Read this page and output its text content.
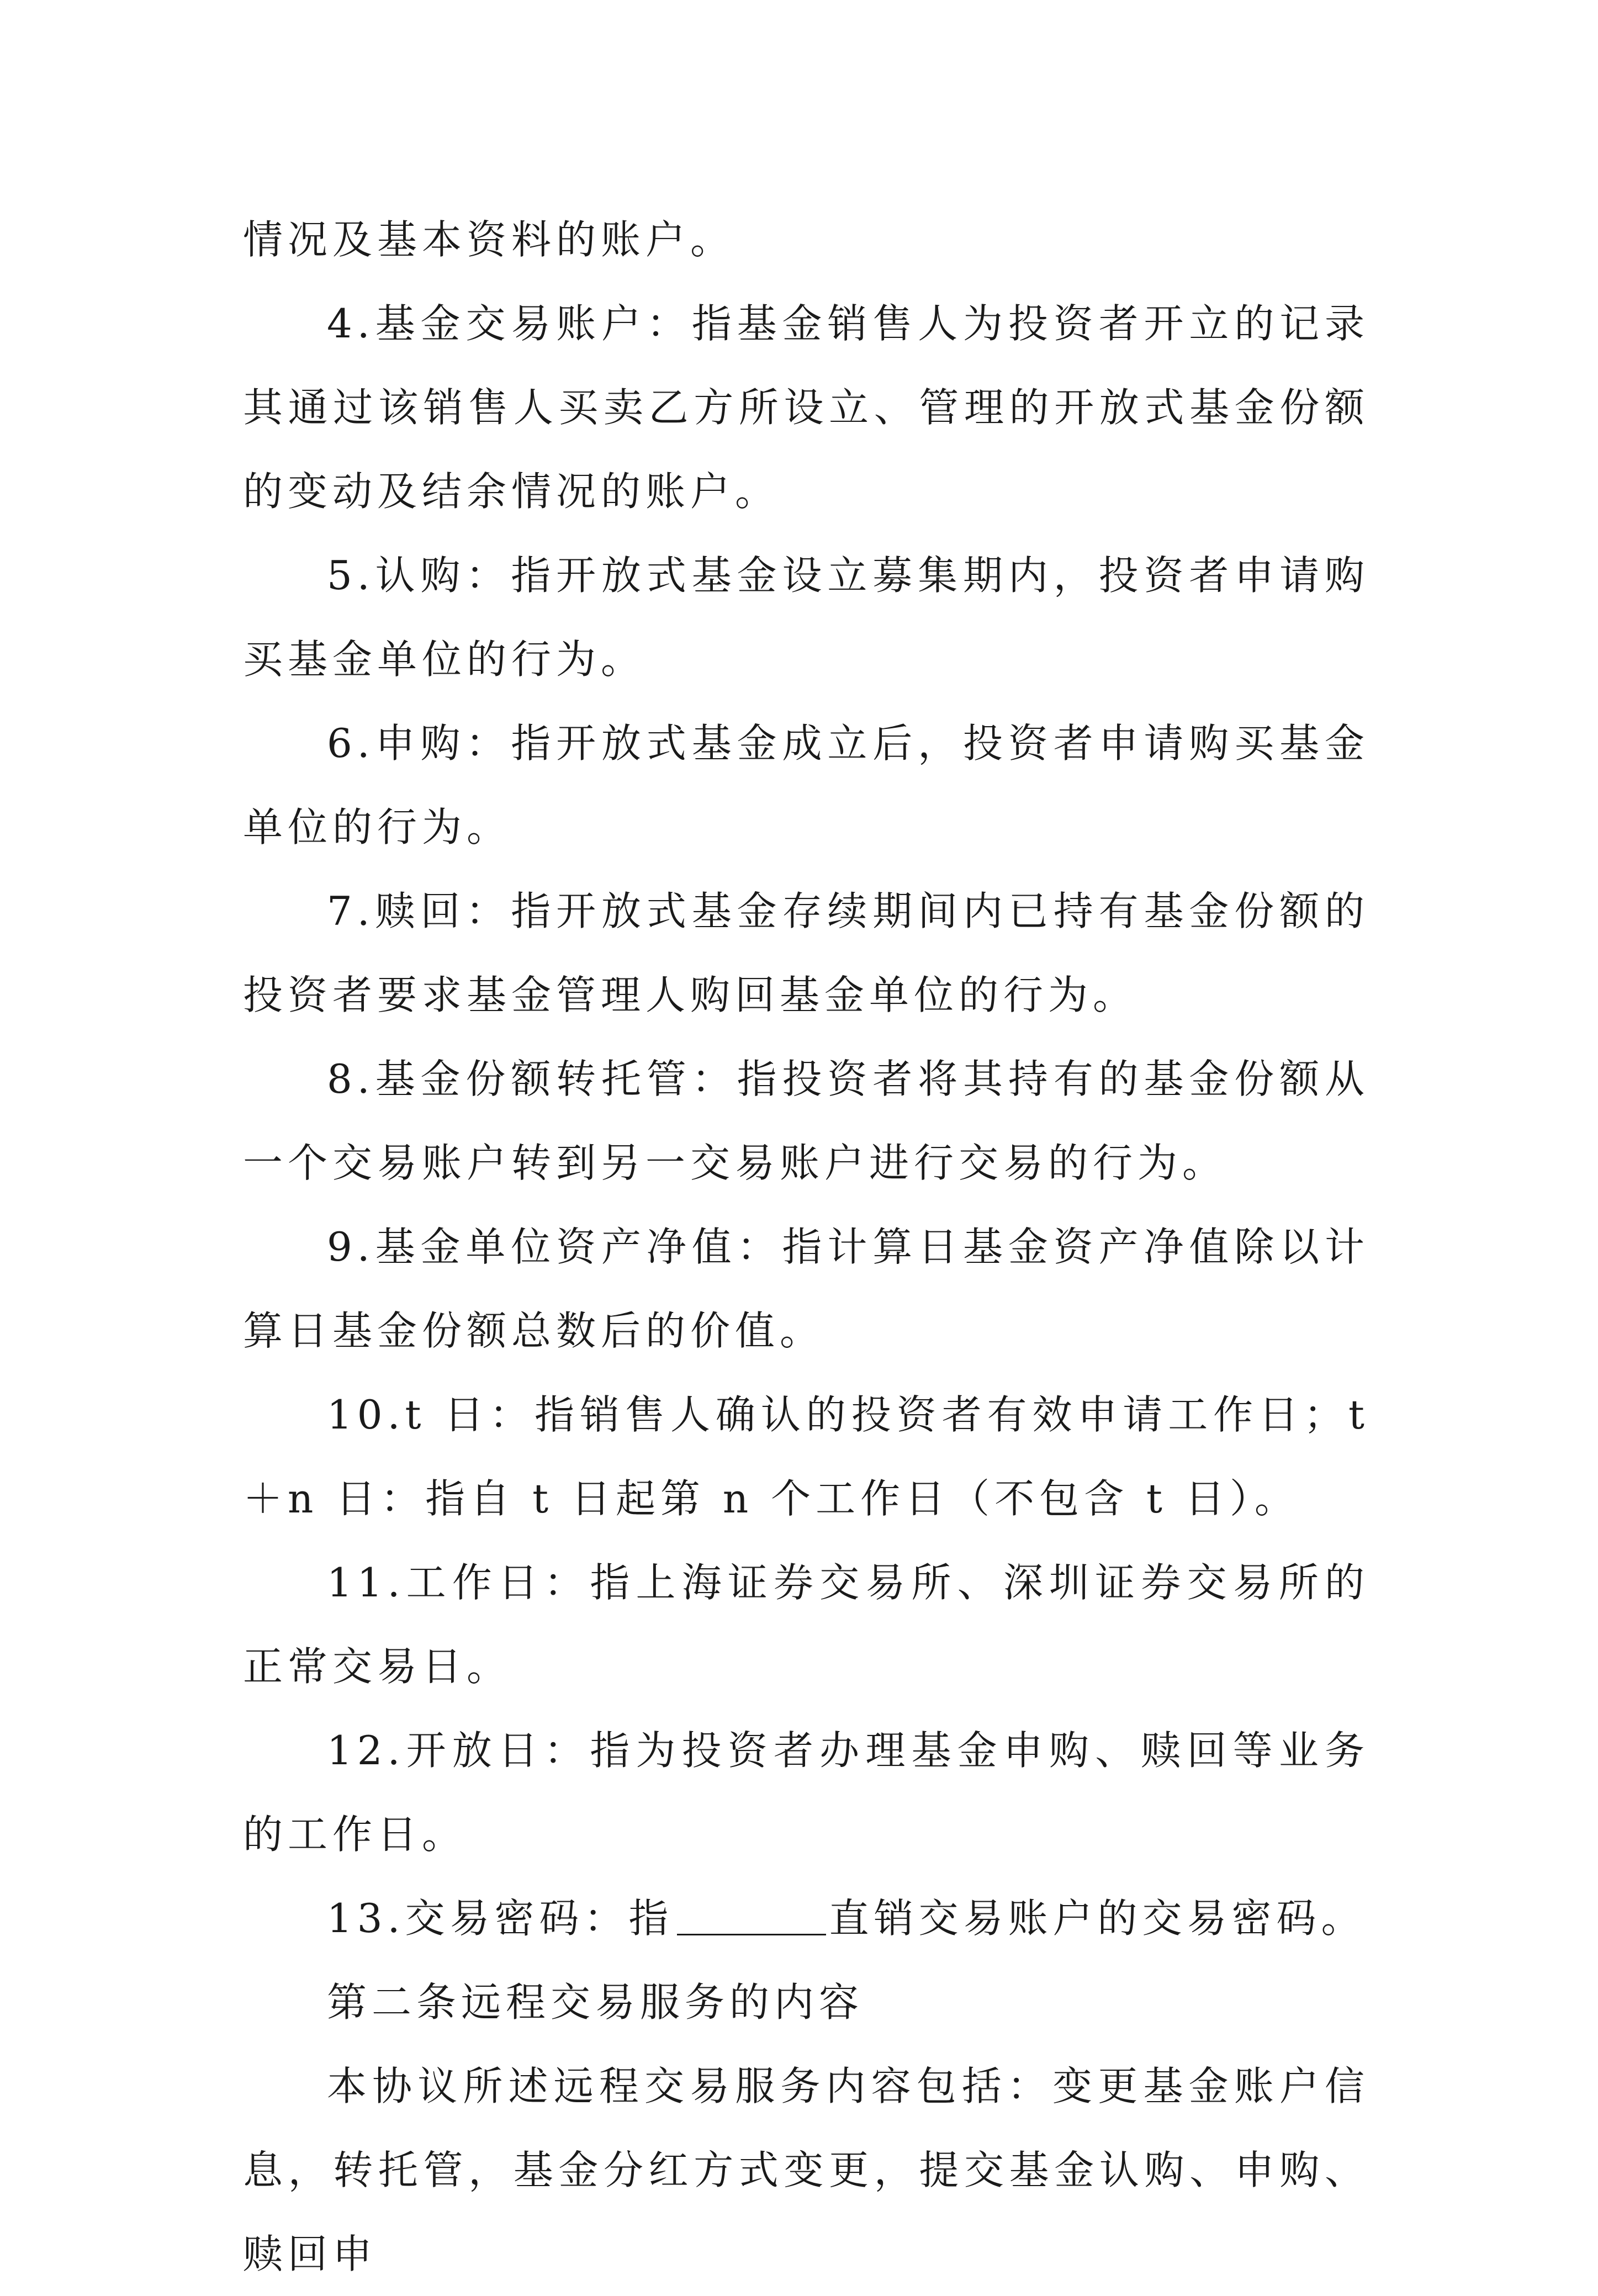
情况及基本资料的账户。

4.基金交易账户：指基金销售人为投资者开立的记录其通过该销售人买卖乙方所设立、管理的开放式基金份额的变动及结余情况的账户。

5.认购：指开放式基金设立募集期内，投资者申请购买基金单位的行为。

6.申购：指开放式基金成立后，投资者申请购买基金单位的行为。

7.赎回：指开放式基金存续期间内已持有基金份额的投资者要求基金管理人购回基金单位的行为。

8.基金份额转托管：指投资者将其持有的基金份额从一个交易账户转到另一交易账户进行交易的行为。

9.基金单位资产净值：指计算日基金资产净值除以计算日基金份额总数后的价值。

10.t 日：指销售人确认的投资者有效申请工作日；t＋n 日：指自 t 日起第 n 个工作日（不包含 t 日）。

11.工作日：指上海证券交易所、深圳证券交易所的正常交易日。

12.开放日：指为投资者办理基金申购、赎回等业务的工作日。

13.交易密码：指	直销交易账户的交易密码。

第二条远程交易服务的内容

本协议所述远程交易服务内容包括：变更基金账户信息，转托管，基金分红方式变更，提交基金认购、申购、赎回申
